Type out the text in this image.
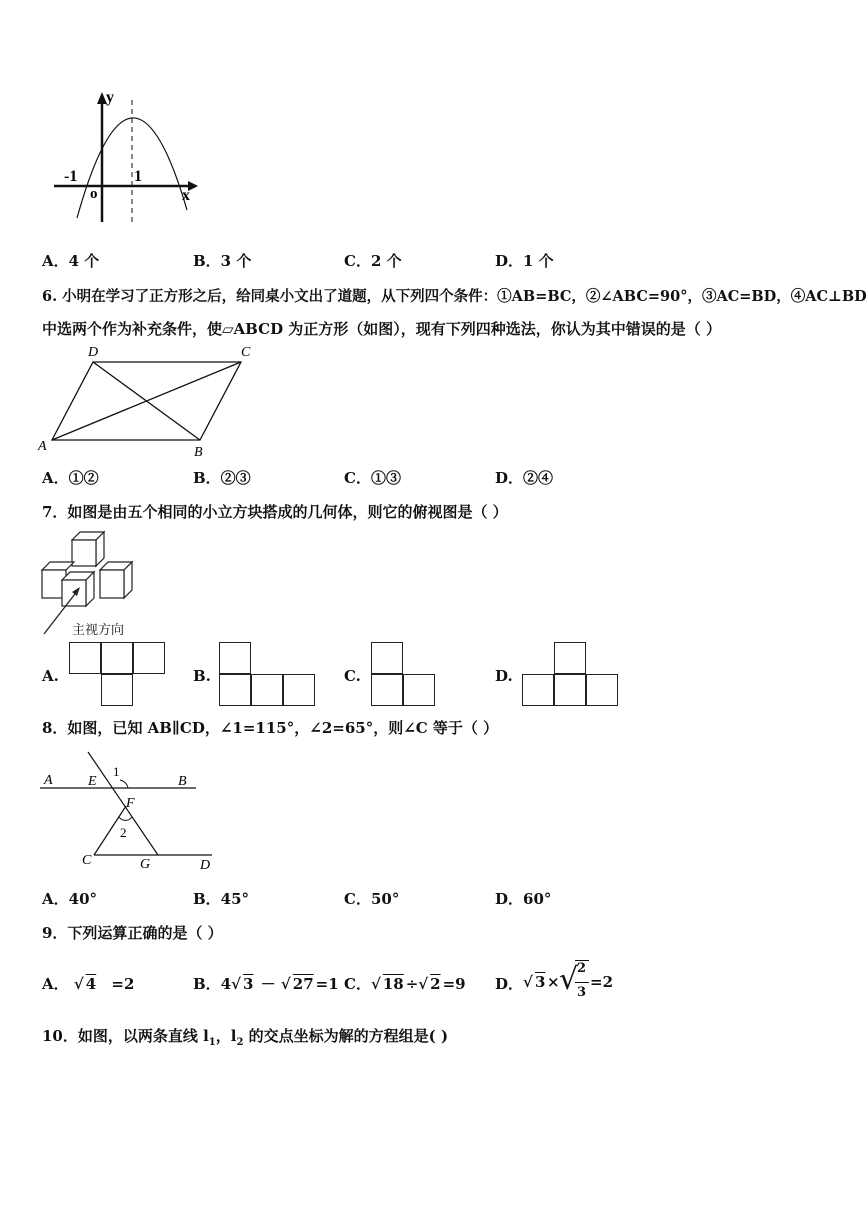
y
x
o
-1	1
A．4 个	B．3 个	C．2 个	D．1 个
6. 小明在学习了正方形之后，给同桌小文出了道题，从下列四个条件：①AB=BC，②∠ABC=90°，③AC=BD，④AC⊥BD
中选两个作为补充条件，使▱ABCD 为正方形（如图），现有下列四种选法，你认为其中错误的是（ ）
A	B
C
D
A．①②	B．②③	C．①③	D．②④
7．如图是由五个相同的小立方块搭成的几何体，则它的俯视图是（ ）
主视方向
A.	B.	C.	D.
8．如图，已知 AB∥CD，∠1=115°，∠2=65°，则∠C 等于（ ）
A	E
1
B
F
2
C	G	D
A．40°	B．45°	C．50°	D．60°
9．下列运算正确的是（ ）
A． √ 4 =2	B．4√ 3 － √ 27 =1 C．√ 18 ÷√ 2 =9 D． √ 3 × √
2
3
=2
10．如图，以两条直线 $l_1$，$l_2$ 的交点坐标为解的方程组是( )
